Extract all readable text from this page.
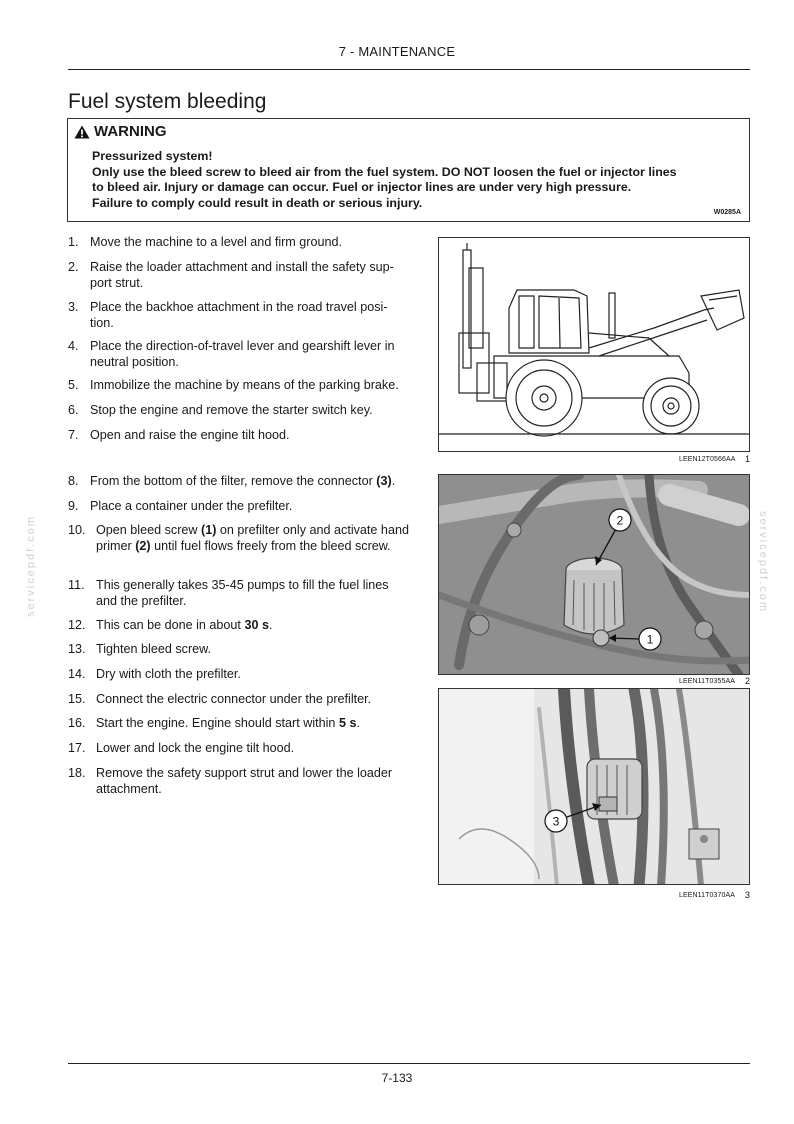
7 - MAINTENANCE
Fuel system bleeding
WARNING
Pressurized system!
Only use the bleed screw to bleed air from the fuel system. DO NOT loosen the fuel or injector lines
to bleed air. Injury or damage can occur. Fuel or injector lines are under very high pressure.
Failure to comply could result in death or serious injury.
W0285A
1. Move the machine to a level and firm ground.
2. Raise the loader attachment and install the safety sup-port strut.
3. Place the backhoe attachment in the road travel posi-tion.
4. Place the direction-of-travel lever and gearshift lever in neutral position.
5. Immobilize the machine by means of the parking brake.
6. Stop the engine and remove the starter switch key.
7. Open and raise the engine tilt hood.
8. From the bottom of the filter, remove the connector (3).
9. Place a container under the prefilter.
10. Open bleed screw (1) on prefilter only and activate hand primer (2) until fuel flows freely from the bleed screw.
11. This generally takes 35-45 pumps to fill the fuel lines and the prefilter.
12. This can be done in about 30 s.
13. Tighten bleed screw.
14. Dry with cloth the prefilter.
15. Connect the electric connector under the prefilter.
16. Start the engine. Engine should start within 5 s.
17. Lower and lock the engine tilt hood.
18. Remove the safety support strut and lower the loader attachment.
LEEN12T0566AA 1
2
1
LEEN11T0355AA 2
3
LEEN11T0370AA 3
servicepdf.com	servicepdf.com
7-133
